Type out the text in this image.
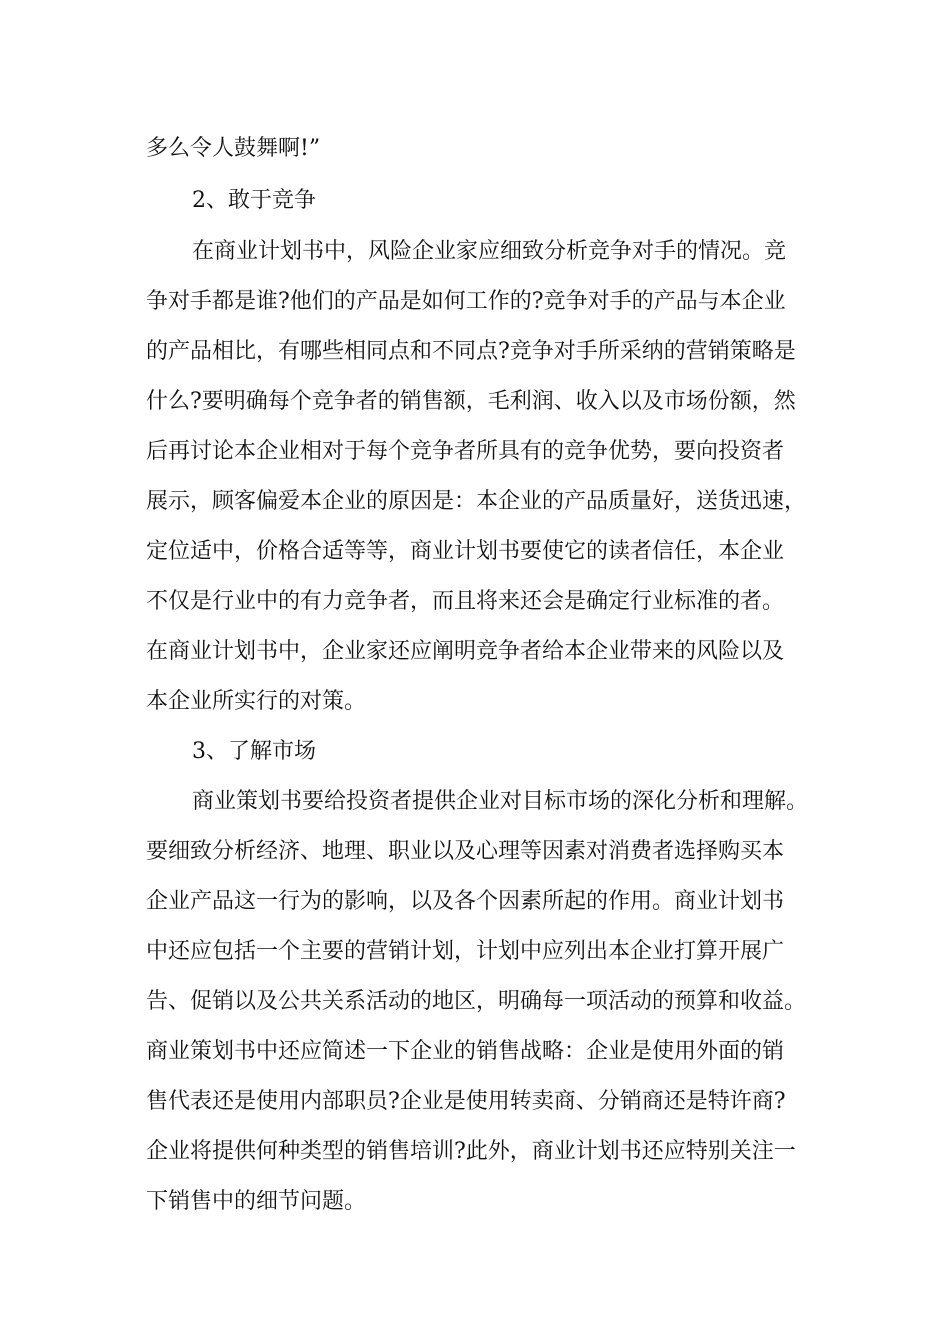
多么令人鼓舞啊!”
2、敢于竞争
在商业计划书中，风险企业家应细致分析竞争对手的情况。竞
争对手都是谁?他们的产品是如何工作的?竞争对手的产品与本企业
的产品相比，有哪些相同点和不同点?竞争对手所采纳的营销策略是
什么?要明确每个竞争者的销售额，毛利润、收入以及市场份额，然
后再讨论本企业相对于每个竞争者所具有的竞争优势，要向投资者
展示，顾客偏爱本企业的原因是：本企业的产品质量好，送货迅速，
定位适中，价格合适等等，商业计划书要使它的读者信任，本企业
不仅是行业中的有力竞争者，而且将来还会是确定行业标准的者。
在商业计划书中，企业家还应阐明竞争者给本企业带来的风险以及
本企业所实行的对策。
3、了解市场
商业策划书要给投资者提供企业对目标市场的深化分析和理解。
要细致分析经济、地理、职业以及心理等因素对消费者选择购买本
企业产品这一行为的影响，以及各个因素所起的作用。商业计划书
中还应包括一个主要的营销计划，计划中应列出本企业打算开展广
告、促销以及公共关系活动的地区，明确每一项活动的预算和收益。
商业策划书中还应简述一下企业的销售战略：企业是使用外面的销
售代表还是使用内部职员?企业是使用转卖商、分销商还是特许商?
企业将提供何种类型的销售培训?此外，商业计划书还应特别关注一
下销售中的细节问题。
